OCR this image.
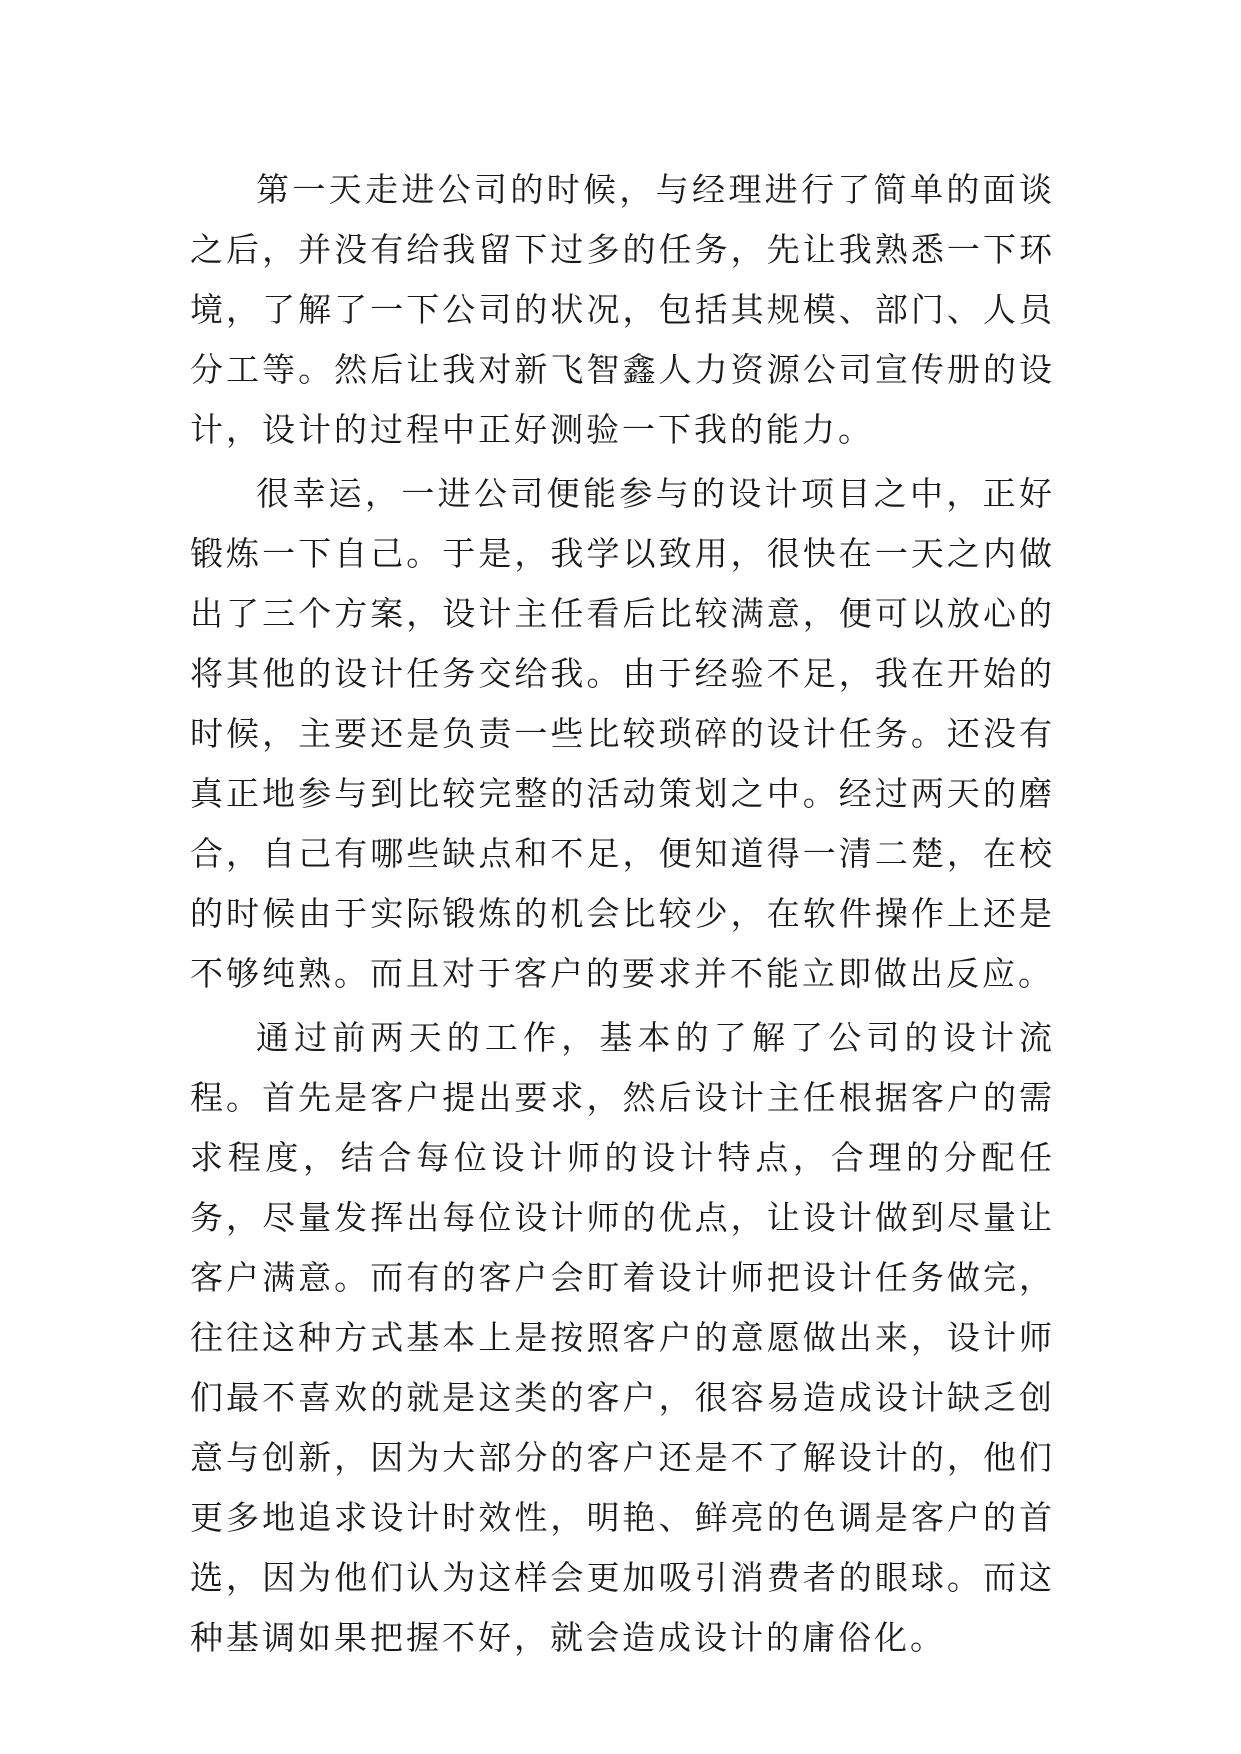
第一天走进公司的时候，与经理进行了简单的面谈之后，并没有给我留下过多的任务，先让我熟悉一下环境，了解了一下公司的状况，包括其规模、部门、人员分工等。然后让我对新飞智鑫人力资源公司宣传册的设计，设计的过程中正好测验一下我的能力。

很幸运，一进公司便能参与的设计项目之中，正好锻炼一下自己。于是，我学以致用，很快在一天之内做出了三个方案，设计主任看后比较满意，便可以放心的将其他的设计任务交给我。由于经验不足，我在开始的时候，主要还是负责一些比较琐碎的设计任务。还没有真正地参与到比较完整的活动策划之中。经过两天的磨合，自己有哪些缺点和不足，便知道得一清二楚，在校的时候由于实际锻炼的机会比较少，在软件操作上还是不够纯熟。而且对于客户的要求并不能立即做出反应。

通过前两天的工作，基本的了解了公司的设计流程。首先是客户提出要求，然后设计主任根据客户的需求程度，结合每位设计师的设计特点，合理的分配任务，尽量发挥出每位设计师的优点，让设计做到尽量让客户满意。而有的客户会盯着设计师把设计任务做完，往往这种方式基本上是按照客户的意愿做出来，设计师们最不喜欢的就是这类的客户，很容易造成设计缺乏创意与创新，因为大部分的客户还是不了解设计的，他们更多地追求设计时效性，明艳、鲜亮的色调是客户的首选，因为他们认为这样会更加吸引消费者的眼球。而这种基调如果把握不好，就会造成设计的庸俗化。
